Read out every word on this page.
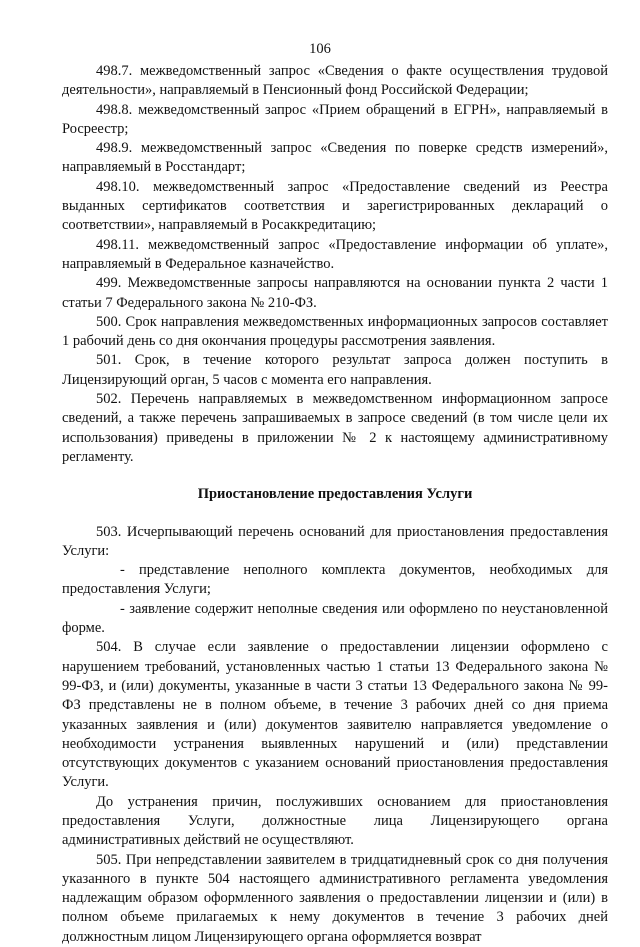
106

498.7. межведомственный запрос «Сведения о факте осуществления трудовой деятельности», направляемый в Пенсионный фонд Российской Федерации;

498.8. межведомственный запрос «Прием обращений в ЕГРН», направляемый в Росреестр;

498.9. межведомственный запрос «Сведения по поверке средств измерений», направляемый в Росстандарт;

498.10. межведомственный запрос «Предоставление сведений из Реестра выданных сертификатов соответствия и зарегистрированных деклараций о соответствии», направляемый в Росаккредитацию;

498.11. межведомственный запрос «Предоставление информации об уплате», направляемый в Федеральное казначейство.

499. Межведомственные запросы направляются на основании пункта 2 части 1 статьи 7 Федерального закона № 210-ФЗ.

500. Срок направления межведомственных информационных запросов составляет 1 рабочий день со дня окончания процедуры рассмотрения заявления.

501. Срок, в течение которого результат запроса должен поступить в Лицензирующий орган, 5 часов с момента его направления.

502. Перечень направляемых в межведомственном информационном запросе сведений, а также перечень запрашиваемых в запросе сведений (в том числе цели их использования) приведены в приложении № 2 к настоящему административному регламенту.

Приостановление предоставления Услуги

503. Исчерпывающий перечень оснований для приостановления предоставления Услуги:

- представление неполного комплекта документов, необходимых для предоставления Услуги;

- заявление содержит неполные сведения или оформлено по неустановленной форме.

504. В случае если заявление о предоставлении лицензии оформлено с нарушением требований, установленных частью 1 статьи 13 Федерального закона № 99-ФЗ, и (или) документы, указанные в части 3 статьи 13 Федерального закона № 99-ФЗ представлены не в полном объеме, в течение 3 рабочих дней со дня приема указанных заявления и (или) документов заявителю направляется уведомление о необходимости устранения выявленных нарушений и (или) представлении отсутствующих документов с указанием оснований приостановления предоставления Услуги.

До устранения причин, послуживших основанием для приостановления предоставления Услуги, должностные лица Лицензирующего органа административных действий не осуществляют.

505. При непредставлении заявителем в тридцатидневный срок со дня получения указанного в пункте 504 настоящего административного регламента уведомления надлежащим образом оформленного заявления о предоставлении лицензии и (или) в полном объеме прилагаемых к нему документов в течение 3 рабочих дней должностным лицом Лицензирующего органа оформляется возврат
